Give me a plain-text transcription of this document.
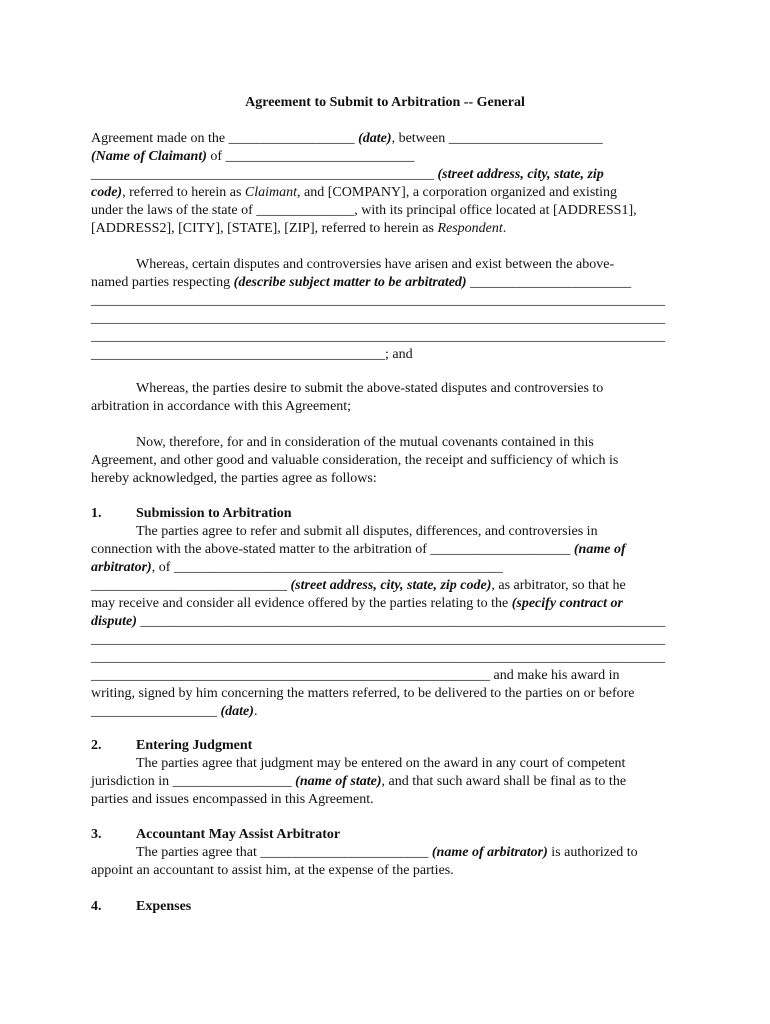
Agreement to Submit to Arbitration -- General

Agreement made on the __________________ (date), between ______________________

(Name of Claimant) of ___________________________

_________________________________________________ (street address, city, state, zip

code), referred to herein as Claimant, and [COMPANY], a corporation organized and existing

under the laws of the state of ______________, with its principal office located at [ADDRESS1],

[ADDRESS2], [CITY], [STATE], [ZIP], referred to herein as Respondent.

Whereas, certain disputes and controversies have arisen and exist between the above-

named parties respecting (describe subject matter to be arbitrated) _______________________

__________________________________________________________________________________

__________________________________________________________________________________

__________________________________________________________________________________

__________________________________________; and

Whereas, the parties desire to submit the above-stated disputes and controversies to

arbitration in accordance with this Agreement;

Now, therefore, for and in consideration of the mutual covenants contained in this

Agreement, and other good and valuable consideration, the receipt and sufficiency of which is

hereby acknowledged, the parties agree as follows:

1.	Submission to Arbitration

The parties agree to refer and submit all disputes, differences, and controversies in

connection with the above-stated matter to the arbitration of ____________________ (name of

arbitrator), of _______________________________________________

____________________________ (street address, city, state, zip code), as arbitrator, so that he

may receive and consider all evidence offered by the parties relating to the (specify contract or

dispute) ___________________________________________________________________________

__________________________________________________________________________________

__________________________________________________________________________________

_________________________________________________________ and make his award in

writing, signed by him concerning the matters referred, to be delivered to the parties on or before

__________________ (date).

2.	Entering Judgment

The parties agree that judgment may be entered on the award in any court of competent

jurisdiction in _________________ (name of state), and that such award shall be final as to the

parties and issues encompassed in this Agreement.

3.	Accountant May Assist Arbitrator

The parties agree that ________________________ (name of arbitrator) is authorized to

appoint an accountant to assist him, at the expense of the parties.

4.	Expenses
